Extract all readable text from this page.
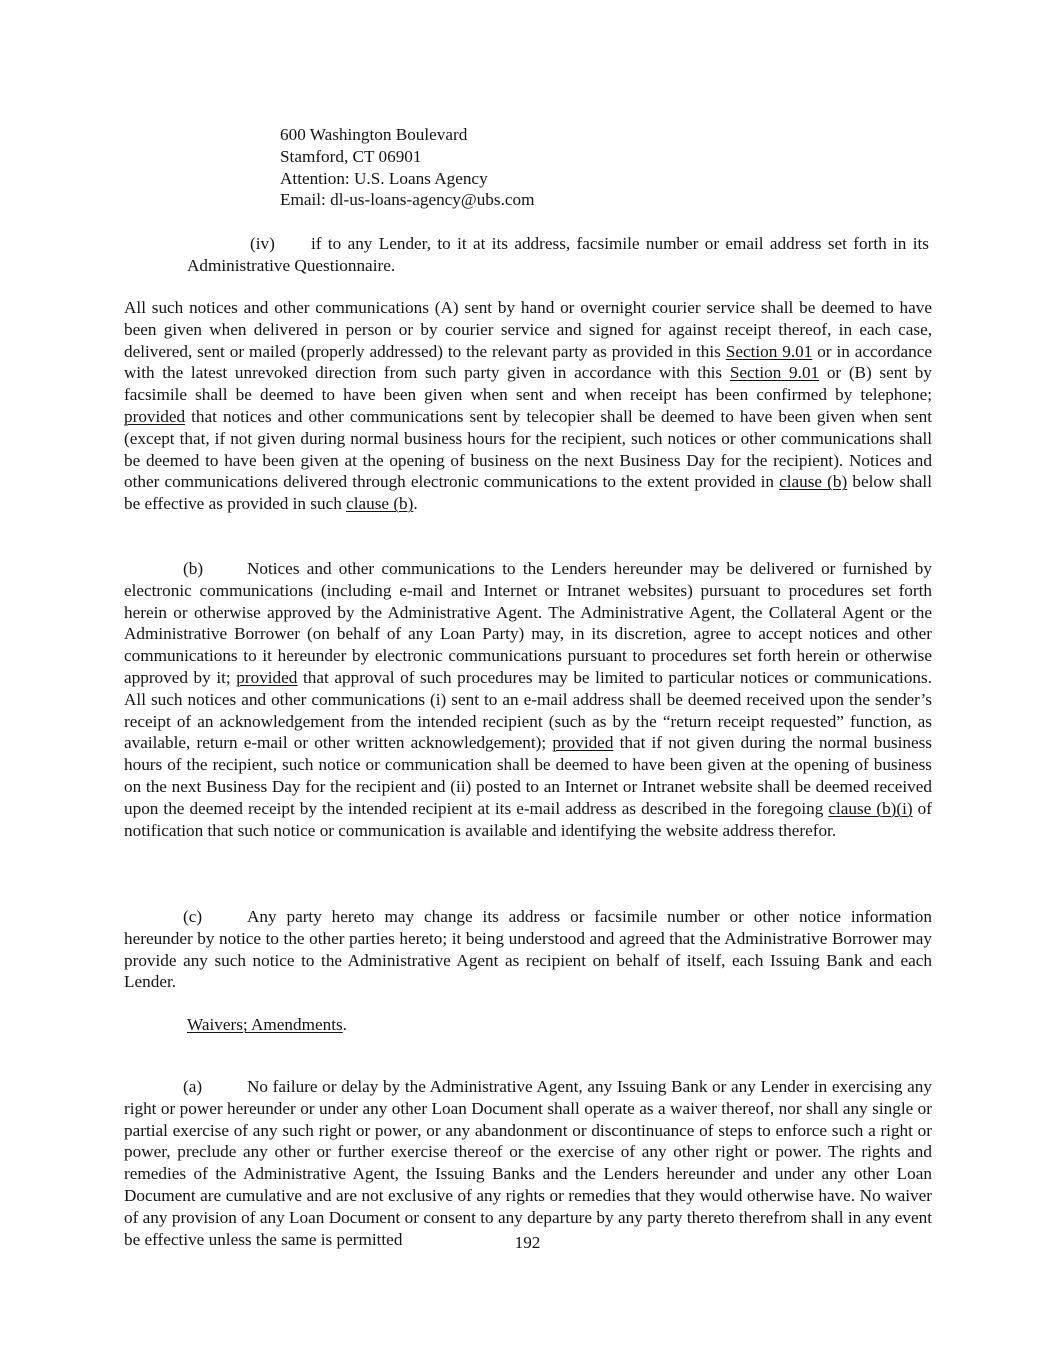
600 Washington Boulevard
Stamford, CT 06901
Attention: U.S. Loans Agency
Email: dl-us-loans-agency@ubs.com

(iv) if to any Lender, to it at its address, facsimile number or email address set forth in its Administrative Questionnaire.

All such notices and other communications (A) sent by hand or overnight courier service shall be deemed to have been given when delivered in person or by courier service and signed for against receipt thereof, in each case, delivered, sent or mailed (properly addressed) to the relevant party as provided in this Section 9.01 or in accordance with the latest unrevoked direction from such party given in accordance with this Section 9.01 or (B) sent by facsimile shall be deemed to have been given when sent and when receipt has been confirmed by telephone; provided that notices and other communications sent by telecopier shall be deemed to have been given when sent (except that, if not given during normal business hours for the recipient, such notices or other communications shall be deemed to have been given at the opening of business on the next Business Day for the recipient). Notices and other communications delivered through electronic communications to the extent provided in clause (b) below shall be effective as provided in such clause (b).

(b)	Notices and other communications to the Lenders hereunder may be delivered or furnished by electronic communications (including e-mail and Internet or Intranet websites) pursuant to procedures set forth herein or otherwise approved by the Administrative Agent. The Administrative Agent, the Collateral Agent or the Administrative Borrower (on behalf of any Loan Party) may, in its discretion, agree to accept notices and other communications to it hereunder by electronic communications pursuant to procedures set forth herein or otherwise approved by it; provided that approval of such procedures may be limited to particular notices or communications. All such notices and other communications (i) sent to an e-mail address shall be deemed received upon the sender’s receipt of an acknowledgement from the intended recipient (such as by the “return receipt requested” function, as available, return e-mail or other written acknowledgement); provided that if not given during the normal business hours of the recipient, such notice or communication shall be deemed to have been given at the opening of business on the next Business Day for the recipient and (ii) posted to an Internet or Intranet website shall be deemed received upon the deemed receipt by the intended recipient at its e-mail address as described in the foregoing clause (b)(i) of notification that such notice or communication is available and identifying the website address therefor.

(c)	Any party hereto may change its address or facsimile number or other notice information hereunder by notice to the other parties hereto; it being understood and agreed that the Administrative Borrower may provide any such notice to the Administrative Agent as recipient on behalf of itself, each Issuing Bank and each Lender.

Waivers; Amendments.

(a)	No failure or delay by the Administrative Agent, any Issuing Bank or any Lender in exercising any right or power hereunder or under any other Loan Document shall operate as a waiver thereof, nor shall any single or partial exercise of any such right or power, or any abandonment or discontinuance of steps to enforce such a right or power, preclude any other or further exercise thereof or the exercise of any other right or power. The rights and remedies of the Administrative Agent, the Issuing Banks and the Lenders hereunder and under any other Loan Document are cumulative and are not exclusive of any rights or remedies that they would otherwise have. No waiver of any provision of any Loan Document or consent to any departure by any party thereto therefrom shall in any event be effective unless the same is permitted	192
